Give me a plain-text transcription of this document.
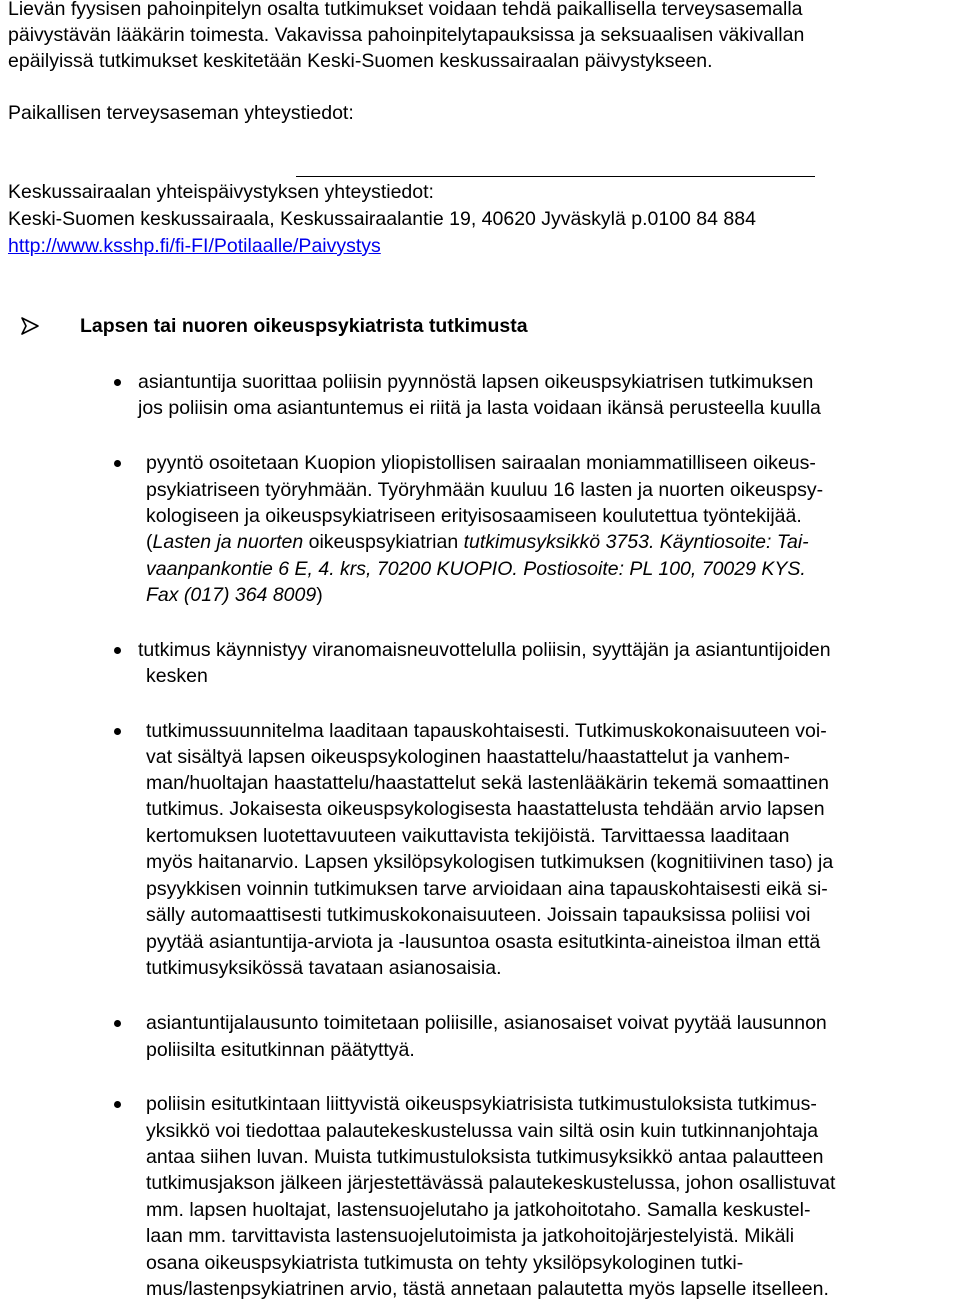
Lievän fyysisen pahoinpitelyn osalta tutkimukset voidaan tehdä paikallisella terveysasemalla
päivystävän lääkärin toimesta. Vakavissa pahoinpitelytapauksissa ja seksuaalisen väkivallan
epäilyissä tutkimukset keskitetään Keski-Suomen keskussairaalan päivystykseen.
Paikallisen terveysaseman yhteystiedot:
Keskussairaalan yhteispäivystyksen yhteystiedot:
Keski-Suomen keskussairaala, Keskussairaalantie 19, 40620 Jyväskylä p.0100 84 884
http://www.ksshp.fi/fi-FI/Potilaalle/Paivystys
Lapsen tai nuoren oikeuspsykiatrista tutkimusta
asiantuntija suorittaa poliisin pyynnöstä lapsen oikeuspsykiatrisen tutkimuksen
jos poliisin oma asiantuntemus ei riitä ja lasta voidaan ikänsä perusteella kuulla
pyyntö osoitetaan Kuopion yliopistollisen sairaalan moniammatilliseen oikeus-
psykiatriseen työryhmään. Työryhmään kuuluu 16 lasten ja nuorten oikeuspsy-
kologiseen ja oikeuspsykiatriseen erityisosaamiseen koulutettua työntekijää.
(Lasten ja nuorten oikeuspsykiatrian tutkimusyksikkö 3753. Käyntiosoite: Tai-
vaanpankontie 6 E, 4. krs, 70200 KUOPIO. Postiosoite: PL 100, 70029 KYS.
Fax (017) 364 8009)
tutkimus käynnistyy viranomaisneuvottelulla poliisin, syyttäjän ja asiantuntijoiden
kesken
tutkimussuunnitelma laaditaan tapauskohtaisesti. Tutkimuskokonaisuuteen voi-
vat sisältyä lapsen oikeuspsykologinen haastattelu/haastattelut ja vanhem-
man/huoltajan haastattelu/haastattelut sekä lastenlääkärin tekemä somaattinen
tutkimus. Jokaisesta oikeuspsykologisesta haastattelusta tehdään arvio lapsen
kertomuksen luotettavuuteen vaikuttavista tekijöistä. Tarvittaessa laaditaan
myös haitanarvio. Lapsen yksilöpsykologisen tutkimuksen (kognitiivinen taso) ja
psyykkisen voinnin tutkimuksen tarve arvioidaan aina tapauskohtaisesti eikä si-
sälly automaattisesti tutkimuskokonaisuuteen. Joissain tapauksissa poliisi voi
pyytää asiantuntija-arviota ja -lausuntoa osasta esitutkinta-aineistoa ilman että
tutkimusyksikössä tavataan asianosaisia.
asiantuntijalausunto toimitetaan poliisille, asianosaiset voivat pyytää lausunnon
poliisilta esitutkinnan päätyttyä.
poliisin esitutkintaan liittyvistä oikeuspsykiatrisista tutkimustuloksista tutkimus-
yksikkö voi tiedottaa palautekeskustelussa vain siltä osin kuin tutkinnanjohtaja
antaa siihen luvan. Muista tutkimustuloksista tutkimusyksikkö antaa palautteen
tutkimusjakson jälkeen järjestettävässä palautekeskustelussa, johon osallistuvat
mm. lapsen huoltajat, lastensuojelutaho ja jatkohoitotaho. Samalla keskustel-
laan mm. tarvittavista lastensuojelutoimista ja jatkohoitojärjestelyistä. Mikäli
osana oikeuspsykiatrista tutkimusta on tehty yksilöpsykologinen tutki-
mus/lastenpsykiatrinen arvio, tästä annetaan palautetta myös lapselle itselleen.
